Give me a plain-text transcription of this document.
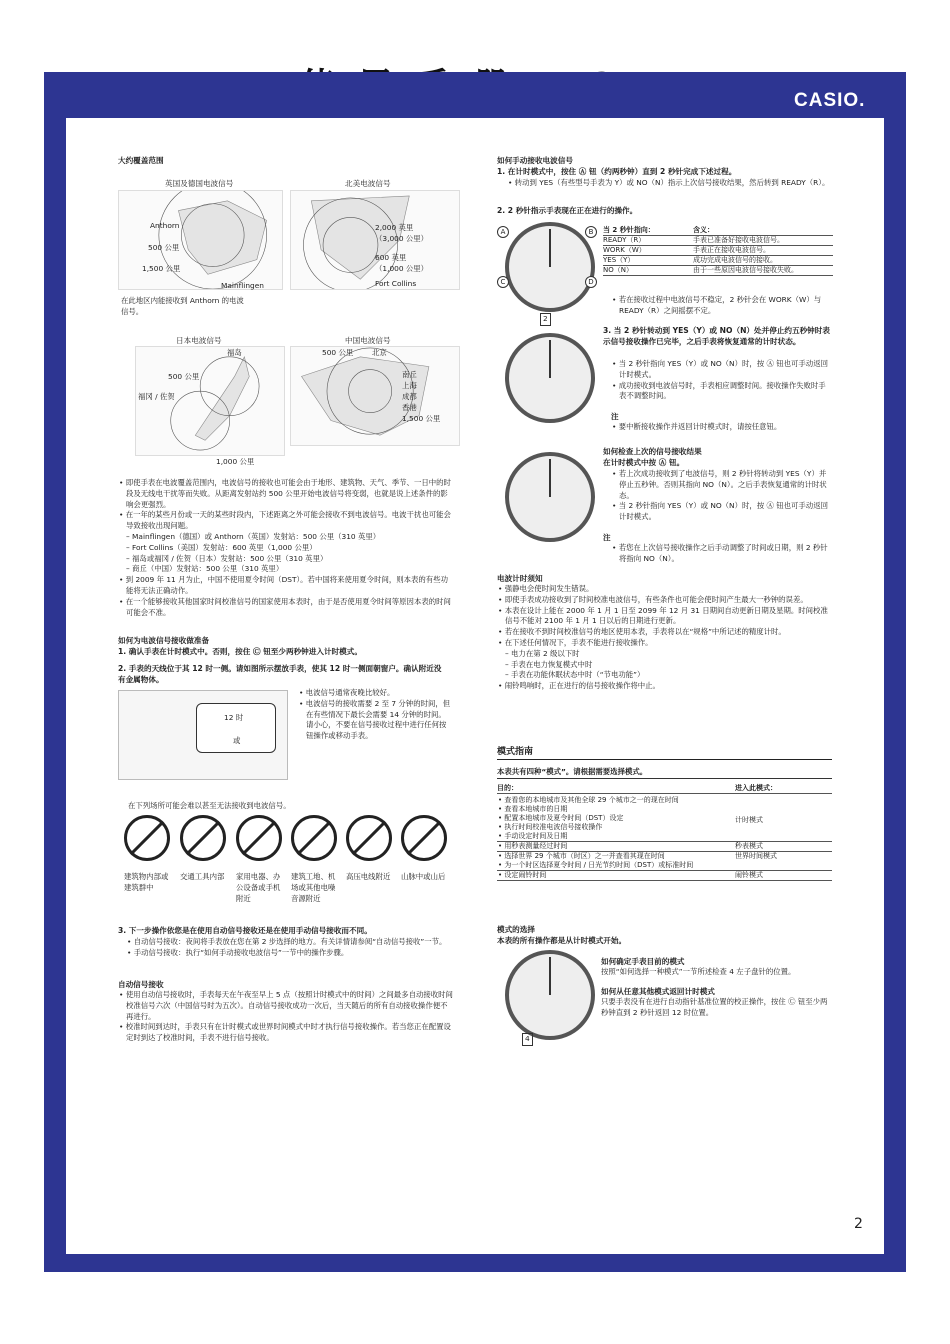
CASIO.
大约覆盖范围
英国及德国电波信号
Anthorn
500 公里
1,500 公里
Mainflingen
在此地区内能接收到 Anthorn 的电波信号。
北美电波信号
2,000 英里
（3,000 公里）
600 英里
（1,000 公里）
Fort Collins
日本电波信号
福岛
500 公里
福冈 / 佐贺
1,000 公里
中国电波信号
500 公里	北京
南丘
上海
成都
香港
1,500 公里
• 即使手表在电波覆盖范围内，电波信号的接收也可能会由于地形、建筑物、天气、季节、一日中的时段及无线电干扰等而失败。从距离发射站约 500 公里开始电波信号将变弱，也就是说上述条件的影响会更强烈。
• 在一年的某些月份或一天的某些时段内，下述距离之外可能会接收不到电波信号。电波干扰也可能会导致接收出现问题。
– Mainflingen（德国）或 Anthorn（英国）发射站：500 公里（310 英里）
– Fort Collins（美国）发射站：600 英里（1,000 公里）
– 福岛或福冈 / 佐贺（日本）发射站：500 公里（310 英里）
– 商丘（中国）发射站：500 公里（310 英里）
• 到 2009 年 11 月为止，中国不使用夏令时间（DST）。若中国将来使用夏令时间，则本表的有些功能将无法正确动作。
• 在一个能够接收其他国家时间校准信号的国家使用本表时，由于是否使用夏令时间等原因本表的时间可能会不准。
如何为电波信号接收做准备
1. 确认手表在计时模式中。否则，按住 Ⓒ 钮至少两秒钟进入计时模式。
2. 手表的天线位于其 12 时一侧。请如图所示摆放手表，使其 12 时一侧面朝窗户。确认附近没有金属物体。
12 时
或
• 电波信号通常夜晚比较好。
• 电波信号的接收需要 2 至 7 分钟的时间，但在有些情况下最长会需要 14 分钟的时间。请小心，不要在信号接收过程中进行任何按钮操作或移动手表。
在下列场所可能会难以甚至无法接收到电波信号。
建筑物内部或建筑群中
交通工具内部	家用电器、办公设备或手机附近
建筑工地、机场或其他电噪音源附近
高压电线附近	山脉中或山后
3. 下一步操作依您是在使用自动信号接收还是在使用手动信号接收而不同。
• 自动信号接收：夜间将手表放在您在第 2 步选择的地方。有关详情请参阅“自动信号接收”一节。
• 手动信号接收：执行“如何手动接收电波信号”一节中的操作步骤。
自动信号接收
• 使用自动信号接收时，手表每天在午夜至早上 5 点（按照计时模式中的时间）之间最多自动接收时间校准信号六次（中国信号时为五次）。自动信号接收成功一次后，当天随后的所有自动接收操作便不再进行。
• 校准时间到达时，手表只有在计时模式或世界时间模式中时才执行信号接收操作。若当您正在配置设定时到达了校准时间，手表不进行信号接收。
如何手动接收电波信号
1. 在计时模式中，按住 Ⓐ 钮（约两秒钟）直到 2 秒针完成下述过程。
• 转动到 YES（有些型号手表为 Y）或 NO（N）指示上次信号接收结果，然后转到 READY（R）。
2. 2 秒针指示手表现在正在进行的操作。
A	B
C	D
2
当 2 秒针指向：	含义：
READY（R）	手表已准备好接收电波信号。
WORK（W）	手表正在接收电波信号。
YES（Y）	成功完成电波信号的接收。
NO（N）	由于一些原因电波信号接收失败。
• 若在接收过程中电波信号不稳定，2 秒针会在 WORK（W）与 READY（R）之间摇摆不定。
3. 当 2 秒针转动到 YES（Y）或 NO（N）处并停止约五秒钟时表示信号接收操作已完毕，之后手表将恢复通常的计时状态。
• 当 2 秒针指向 YES（Y）或 NO（N）时，按 Ⓐ 钮也可手动返回计时模式。
• 成功接收到电波信号时，手表相应调整时间。接收操作失败时手表不调整时间。
注
• 要中断接收操作并返回计时模式时，请按任意钮。
如何检查上次的信号接收结果
在计时模式中按 Ⓐ 钮。
• 若上次成功接收到了电波信号，则 2 秒针将转动到 YES（Y）并停止五秒钟。否则其指向 NO（N）。之后手表恢复通常的计时状态。
• 当 2 秒针指向 YES（Y）或 NO（N）时，按 Ⓐ 钮也可手动返回计时模式。
注
• 若您在上次信号接收操作之后手动调整了时间或日期，则 2 秒针将指向 NO（N）。
电波计时须知
• 强静电会使时间发生错误。
• 即使手表成功接收到了时间校准电波信号，有些条件也可能会使时间产生最大一秒钟的误差。
• 本表在设计上能在 2000 年 1 月 1 日至 2099 年 12 月 31 日期间自动更新日期及星期。时间校准信号不能对 2100 年 1 月 1 日以后的日期进行更新。
• 若在接收不到时间校准信号的地区使用本表，手表将以在“规格”中所记述的精度计时。
• 在下述任何情况下，手表不能进行接收操作。
– 电力在第 2 级以下时
– 手表在电力恢复模式中时
– 手表在功能休眠状态中时（“节电功能”）
• 闹铃鸣响时，正在进行的信号接收操作将中止。
模式指南
本表共有四种“模式”。请根据需要选择模式。
目的：	进入此模式：
• 查看您的本地城市及其他全球 29 个城市之一的现在时间
• 查看本地城市的日期
• 配置本地城市及夏令时间（DST）设定
• 执行时间校准电波信号接收操作
• 手动设定时间及日期
计时模式
• 用秒表测量经过时间	秒表模式
• 选择世界 29 个城市（时区）之一并查看其现在时间
• 为一个时区选择夏令时间 / 日光节约时间（DST）或标准时间
世界时间模式
• 设定闹铃时间	闹铃模式
模式的选择
本表的所有操作都是从计时模式开始。
4
如何确定手表目前的模式
按照“如何选择一种模式”一节所述检查 4 左子盘针的位置。
如何从任意其他模式返回计时模式
只要手表没有在进行自动指针基准位置的校正操作，按住 Ⓒ 钮至少两秒钟直到 2 秒针返回 12 时位置。
2
